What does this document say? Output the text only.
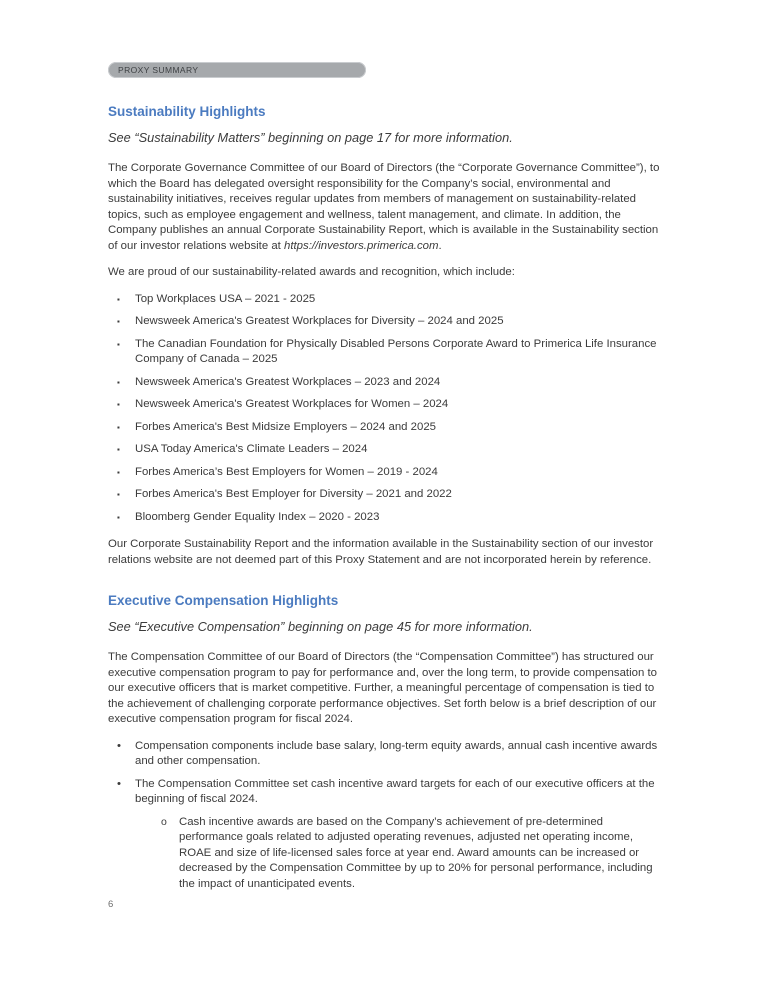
PROXY SUMMARY
Sustainability Highlights

See “Sustainability Matters” beginning on page 17 for more information.

The Corporate Governance Committee of our Board of Directors (the “Corporate Governance Committee”), to which the Board has delegated oversight responsibility for the Company’s social, environmental and sustainability initiatives, receives regular updates from members of management on sustainability-related topics, such as employee engagement and wellness, talent management, and climate. In addition, the Company publishes an annual Corporate Sustainability Report, which is available in the Sustainability section of our investor relations website at https://investors.primerica.com.

We are proud of our sustainability-related awards and recognition, which include:

▪ Top Workplaces USA – 2021 - 2025
▪ Newsweek America's Greatest Workplaces for Diversity – 2024 and 2025
▪ The Canadian Foundation for Physically Disabled Persons Corporate Award to Primerica Life Insurance Company of Canada – 2025
▪ Newsweek America's Greatest Workplaces – 2023 and 2024
▪ Newsweek America's Greatest Workplaces for Women – 2024
▪ Forbes America's Best Midsize Employers – 2024 and 2025
▪ USA Today America's Climate Leaders – 2024
▪ Forbes America’s Best Employers for Women – 2019 - 2024
▪ Forbes America's Best Employer for Diversity – 2021 and 2022
▪ Bloomberg Gender Equality Index – 2020 - 2023

Our Corporate Sustainability Report and the information available in the Sustainability section of our investor relations website are not deemed part of this Proxy Statement and are not incorporated herein by reference.

Executive Compensation Highlights

See “Executive Compensation” beginning on page 45 for more information.

The Compensation Committee of our Board of Directors (the “Compensation Committee”) has structured our executive compensation program to pay for performance and, over the long term, to provide compensation to our executive officers that is market competitive. Further, a meaningful percentage of compensation is tied to the achievement of challenging corporate performance objectives. Set forth below is a brief description of our executive compensation program for fiscal 2024.

• Compensation components include base salary, long-term equity awards, annual cash incentive awards and other compensation.
• The Compensation Committee set cash incentive award targets for each of our executive officers at the beginning of fiscal 2024.
o Cash incentive awards are based on the Company’s achievement of pre-determined performance goals related to adjusted operating revenues, adjusted net operating income, ROAE and size of life-licensed sales force at year end. Award amounts can be increased or decreased by the Compensation Committee by up to 20% for personal performance, including the impact of unanticipated events.
6
